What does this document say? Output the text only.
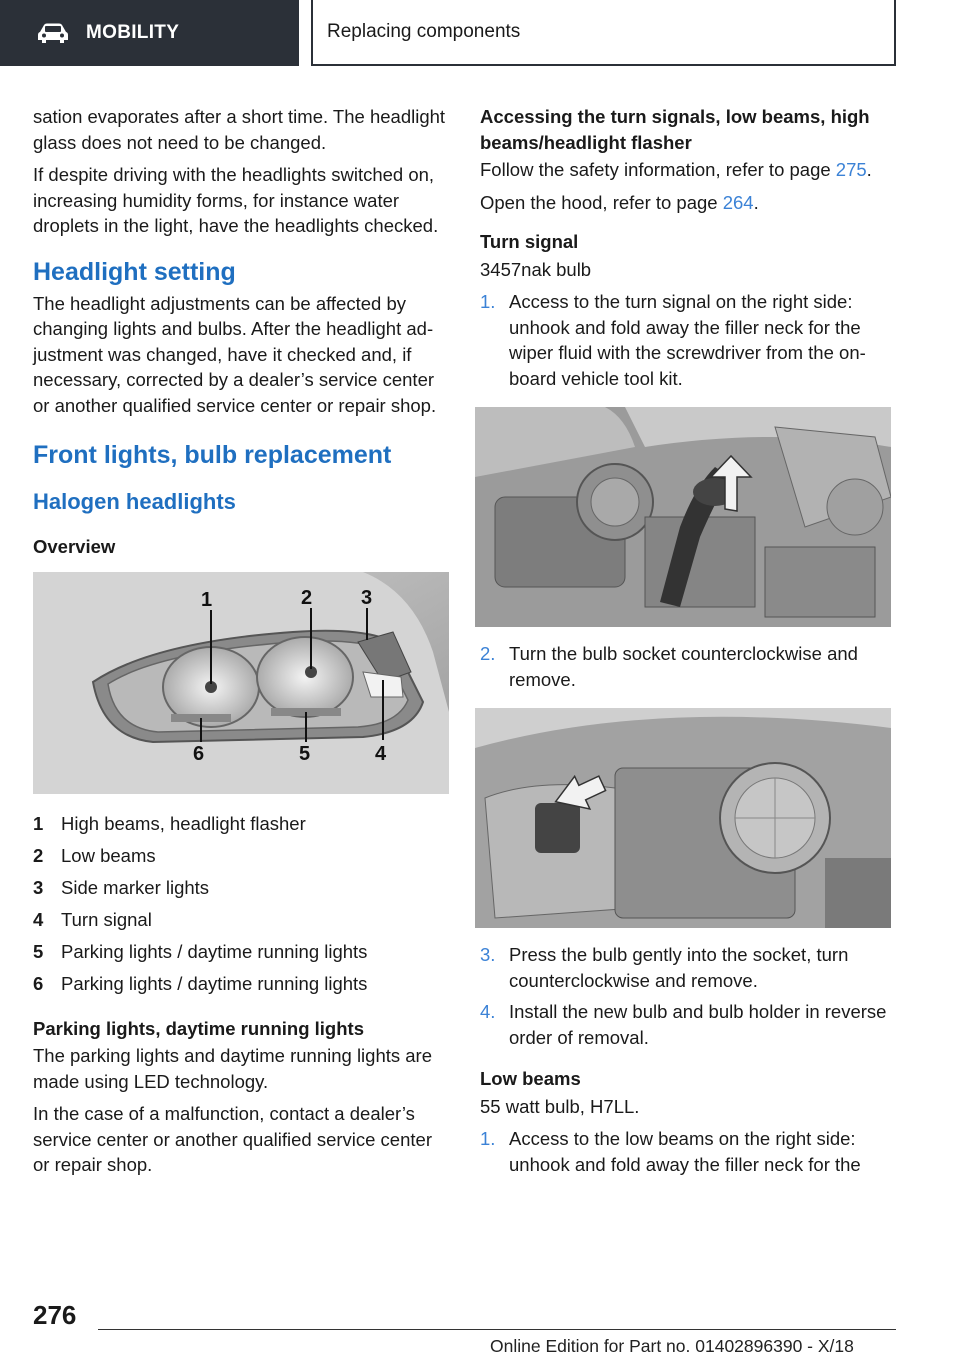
MOBILITY	Replacing components

sation evaporates after a short time. The headlight glass does not need to be changed.

If despite driving with the headlights switched on, increasing humidity forms, for instance water droplets in the light, have the headlights checked.

Headlight setting

The headlight adjustments can be affected by changing lights and bulbs. After the headlight adjustment was changed, have it checked and, if necessary, corrected by a dealer’s service center or another qualified service center or repair shop.

Front lights, bulb replacement
Halogen headlights
Overview
1	2 3
4
5
6
1 High beams, headlight flasher
2 Low beams
3 Side marker lights
4 Turn signal
5 Parking lights / daytime running lights
6 Parking lights / daytime running lights
Parking lights, daytime running lights

The parking lights and daytime running lights are made using LED technology.

In the case of a malfunction, contact a dealer’s service center or another qualified service center or repair shop.

Accessing the turn signals, low beams, high beams/headlight flasher

Follow the safety information, refer to page 275.

Open the hood, refer to page 264.

Turn signal

3457nak bulb

1. Access to the turn signal on the right side: unhook and fold away the filler neck for the wiper fluid with the screwdriver from the onboard vehicle tool kit.
2. Turn the bulb socket counterclockwise and remove.
3. Press the bulb gently into the socket, turn counterclockwise and remove.
4. Install the new bulb and bulb holder in reverse order of removal.
Low beams

55 watt bulb, H7LL.

1. Access to the low beams on the right side: unhook and fold away the filler neck for the
276
Online Edition for Part no. 01402896390 - X/18
